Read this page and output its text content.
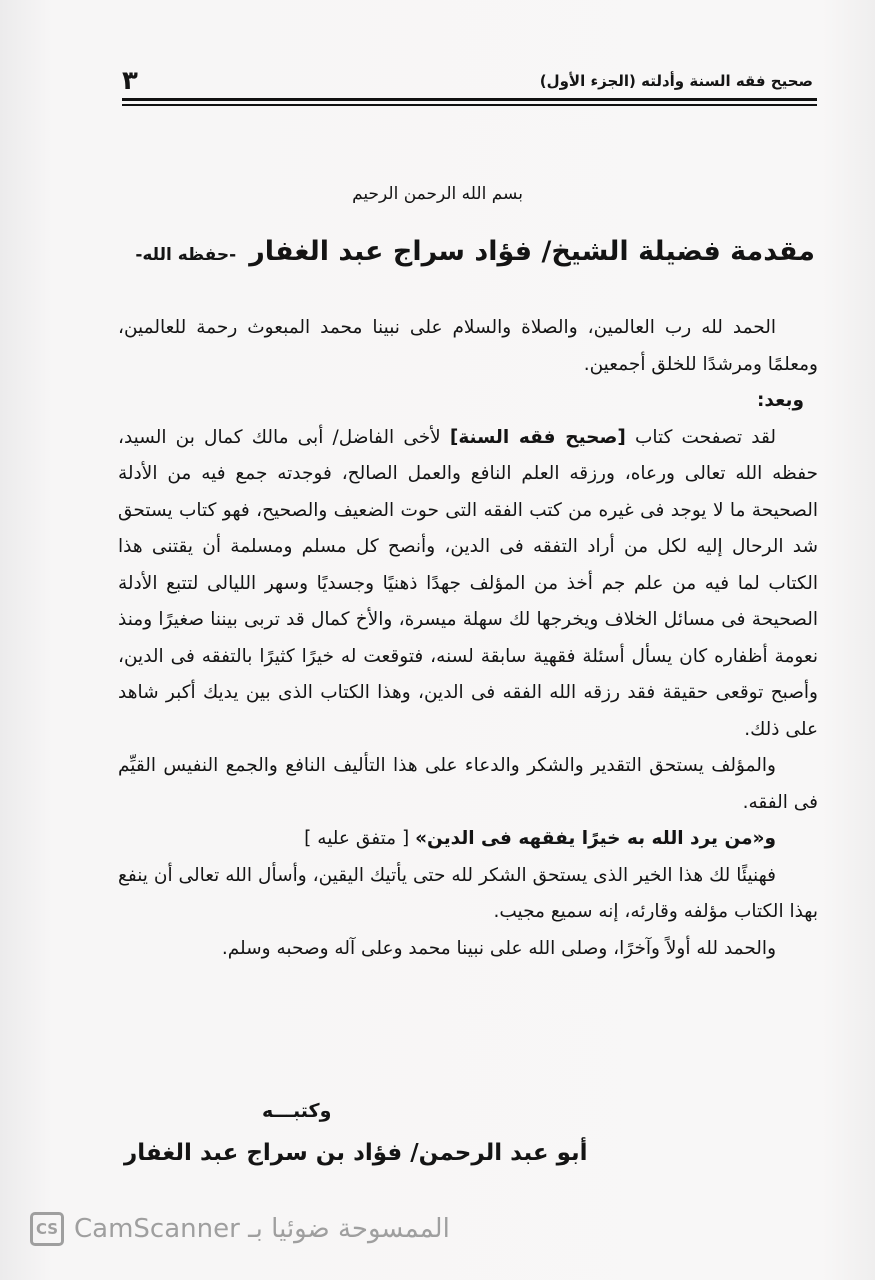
٣	صحيح فقه السنة وأدلته (الجزء الأول)
بسم الله الرحمن الرحيم
مقدمة فضيلة الشيخ/ فؤاد سراج عبد الغفار -حفظه الله-

الحمد لله رب العالمين، والصلاة والسلام على نبينا محمد المبعوث رحمة للعالمين، ومعلمًا ومرشدًا للخلق أجمعين.

وبعد:

لقد تصفحت كتاب [صحيح فقه السنة] لأخى الفاضل/ أبى مالك كمال بن السيد، حفظه الله تعالى ورعاه، ورزقه العلم النافع والعمل الصالح، فوجدته جمع فيه من الأدلة الصحيحة ما لا يوجد فى غيره من كتب الفقه التى حوت الضعيف والصحيح، فهو كتاب يستحق شد الرحال إليه لكل من أراد التفقه فى الدين، وأنصح كل مسلم ومسلمة أن يقتنى هذا الكتاب لما فيه من علم جم أخذ من المؤلف جهدًا ذهنيًا وجسديًا وسهر الليالى لتتبع الأدلة الصحيحة فى مسائل الخلاف ويخرجها لك سهلة ميسرة، والأخ كمال قد تربى بيننا صغيرًا ومنذ نعومة أظفاره كان يسأل أسئلة فقهية سابقة لسنه، فتوقعت له خيرًا كثيرًا بالتفقه فى الدين، وأصبح توقعى حقيقة فقد رزقه الله الفقه فى الدين، وهذا الكتاب الذى بين يديك أكبر شاهد على ذلك.

والمؤلف يستحق التقدير والشكر والدعاء على هذا التأليف النافع والجمع النفيس القيِّم فى الفقه.

و«من يرد الله به خيرًا يفقهه فى الدين» [ متفق عليه ]

فهنيئًا لك هذا الخير الذى يستحق الشكر لله حتى يأتيك اليقين، وأسأل الله تعالى أن ينفع بهذا الكتاب مؤلفه وقارئه، إنه سميع مجيب.

والحمد لله أولاً وآخرًا، وصلى الله على نبينا محمد وعلى آله وصحبه وسلم.

وكتبـــه
أبو عبد الرحمن/ فؤاد بن سراج عبد الغفار
CS CamScanner الممسوحة ضوئيا بـ
